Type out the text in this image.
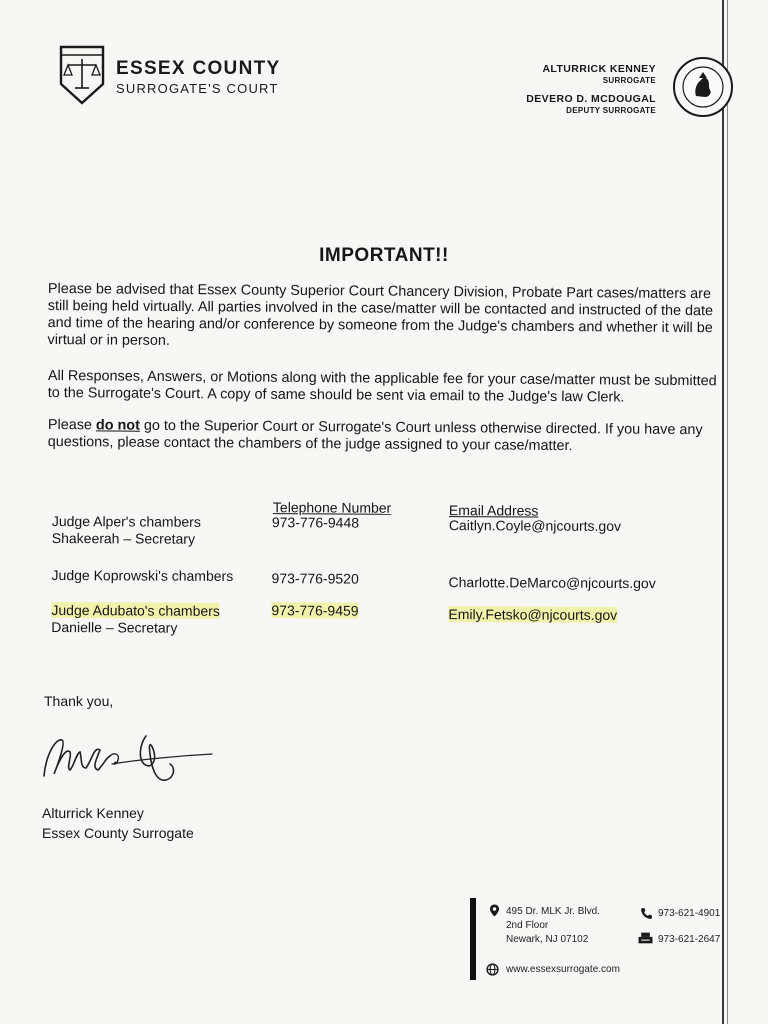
ESSEX COUNTY
SURROGATE'S COURT
ALTURRICK KENNEY
SURROGATE
DEVERO D. MCDOUGAL
DEPUTY SURROGATE
IMPORTANT!!
Please be advised that Essex County Superior Court Chancery Division, Probate Part cases/matters are still being held virtually. All parties involved in the case/matter will be contacted and instructed of the date and time of the hearing and/or conference by someone from the Judge's chambers and whether it will be virtual or in person.
All Responses, Answers, or Motions along with the applicable fee for your case/matter must be submitted to the Surrogate's Court. A copy of same should be sent via email to the Judge's law Clerk.
Please do not go to the Superior Court or Surrogate's Court unless otherwise directed. If you have any questions, please contact the chambers of the judge assigned to your case/matter.
Telephone Number	Email Address
Judge Alper's chambers
Shakeerah – Secretary
973-776-9448	Caitlyn.Coyle@njcourts.gov
Judge Koprowski's chambers	973-776-9520	Charlotte.DeMarco@njcourts.gov
Judge Adubato's chambers
Danielle – Secretary
973-776-9459	Emily.Fetsko@njcourts.gov
Thank you,
Alturrick Kenney
Essex County Surrogate
495 Dr. MLK Jr. Blvd.
2nd Floor
Newark, NJ 07102
973-621-4901
973-621-2647
www.essexsurrogate.com
